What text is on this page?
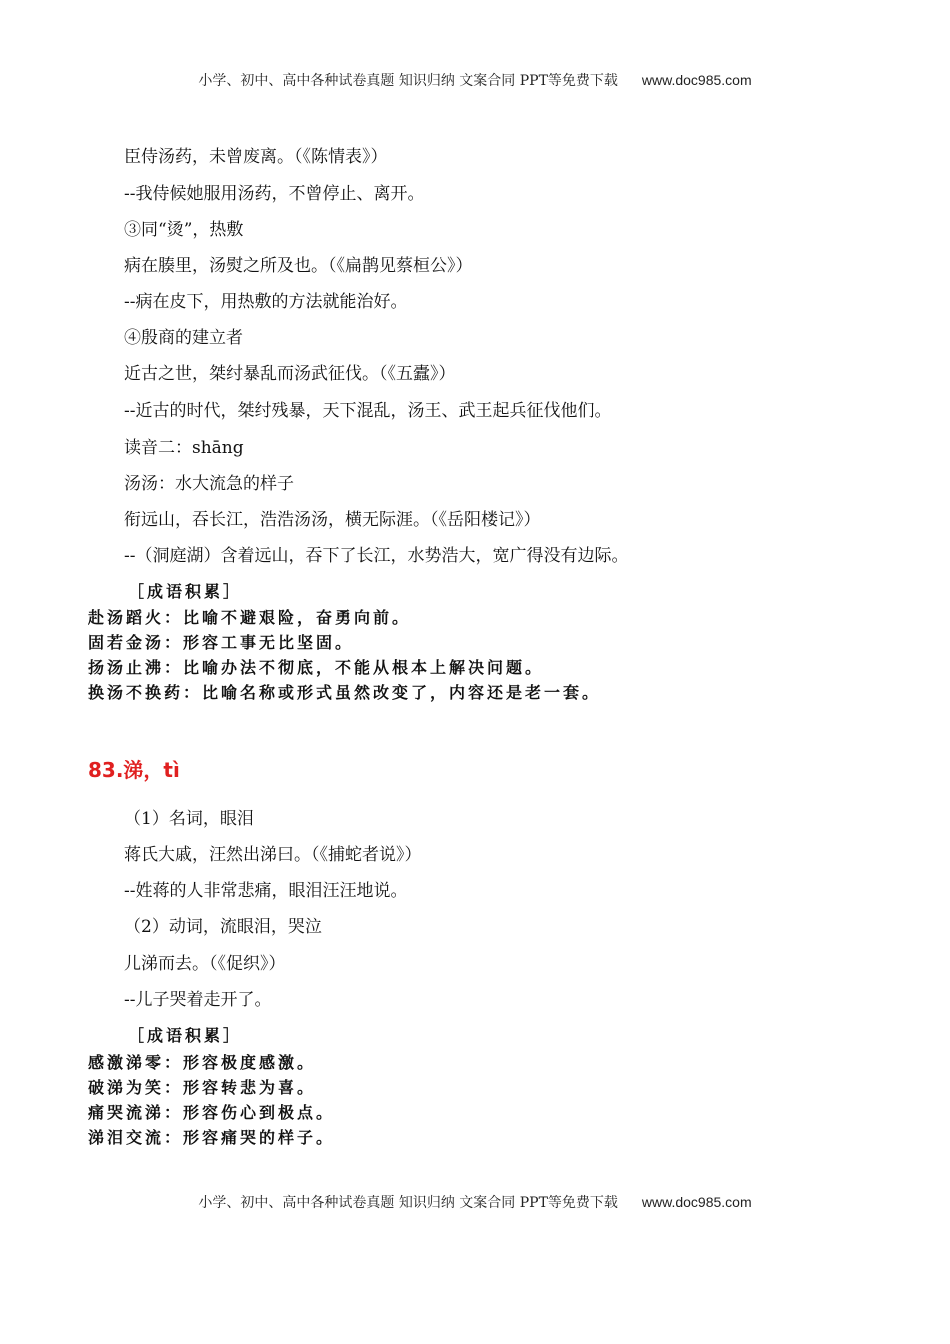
小学、初中、高中各种试卷真题 知识归纳 文案合同 PPT等免费下载 www.doc985.com
臣侍汤药，未曾废离。（《陈情表》）
--我侍候她服用汤药，不曾停止、离开。
③同“烫”，热敷
病在腠里，汤熨之所及也。（《扁鹊见蔡桓公》）
--病在皮下，用热敷的方法就能治好。
④殷商的建立者
近古之世，桀纣暴乱而汤武征伐。（《五蠹》）
--近古的时代，桀纣残暴，天下混乱，汤王、武王起兵征伐他们。
读音二：shāng
汤汤：水大流急的样子
衔远山，吞长江，浩浩汤汤，横无际涯。（《岳阳楼记》）
--（洞庭湖）含着远山，吞下了长江，水势浩大，宽广得没有边际。
［成语积累］
赴汤蹈火：比喻不避艰险，奋勇向前。
固若金汤：形容工事无比坚固。
扬汤止沸：比喻办法不彻底，不能从根本上解决问题。
换汤不换药：比喻名称或形式虽然改变了，内容还是老一套。
83.涕，tì
（1）名词，眼泪
蒋氏大戚，汪然出涕曰。（《捕蛇者说》）
--姓蒋的人非常悲痛，眼泪汪汪地说。
（2）动词，流眼泪，哭泣
儿涕而去。（《促织》）
--儿子哭着走开了。
［成语积累］
感激涕零：形容极度感激。
破涕为笑：形容转悲为喜。
痛哭流涕：形容伤心到极点。
涕泪交流：形容痛哭的样子。
小学、初中、高中各种试卷真题 知识归纳 文案合同 PPT等免费下载 www.doc985.com
